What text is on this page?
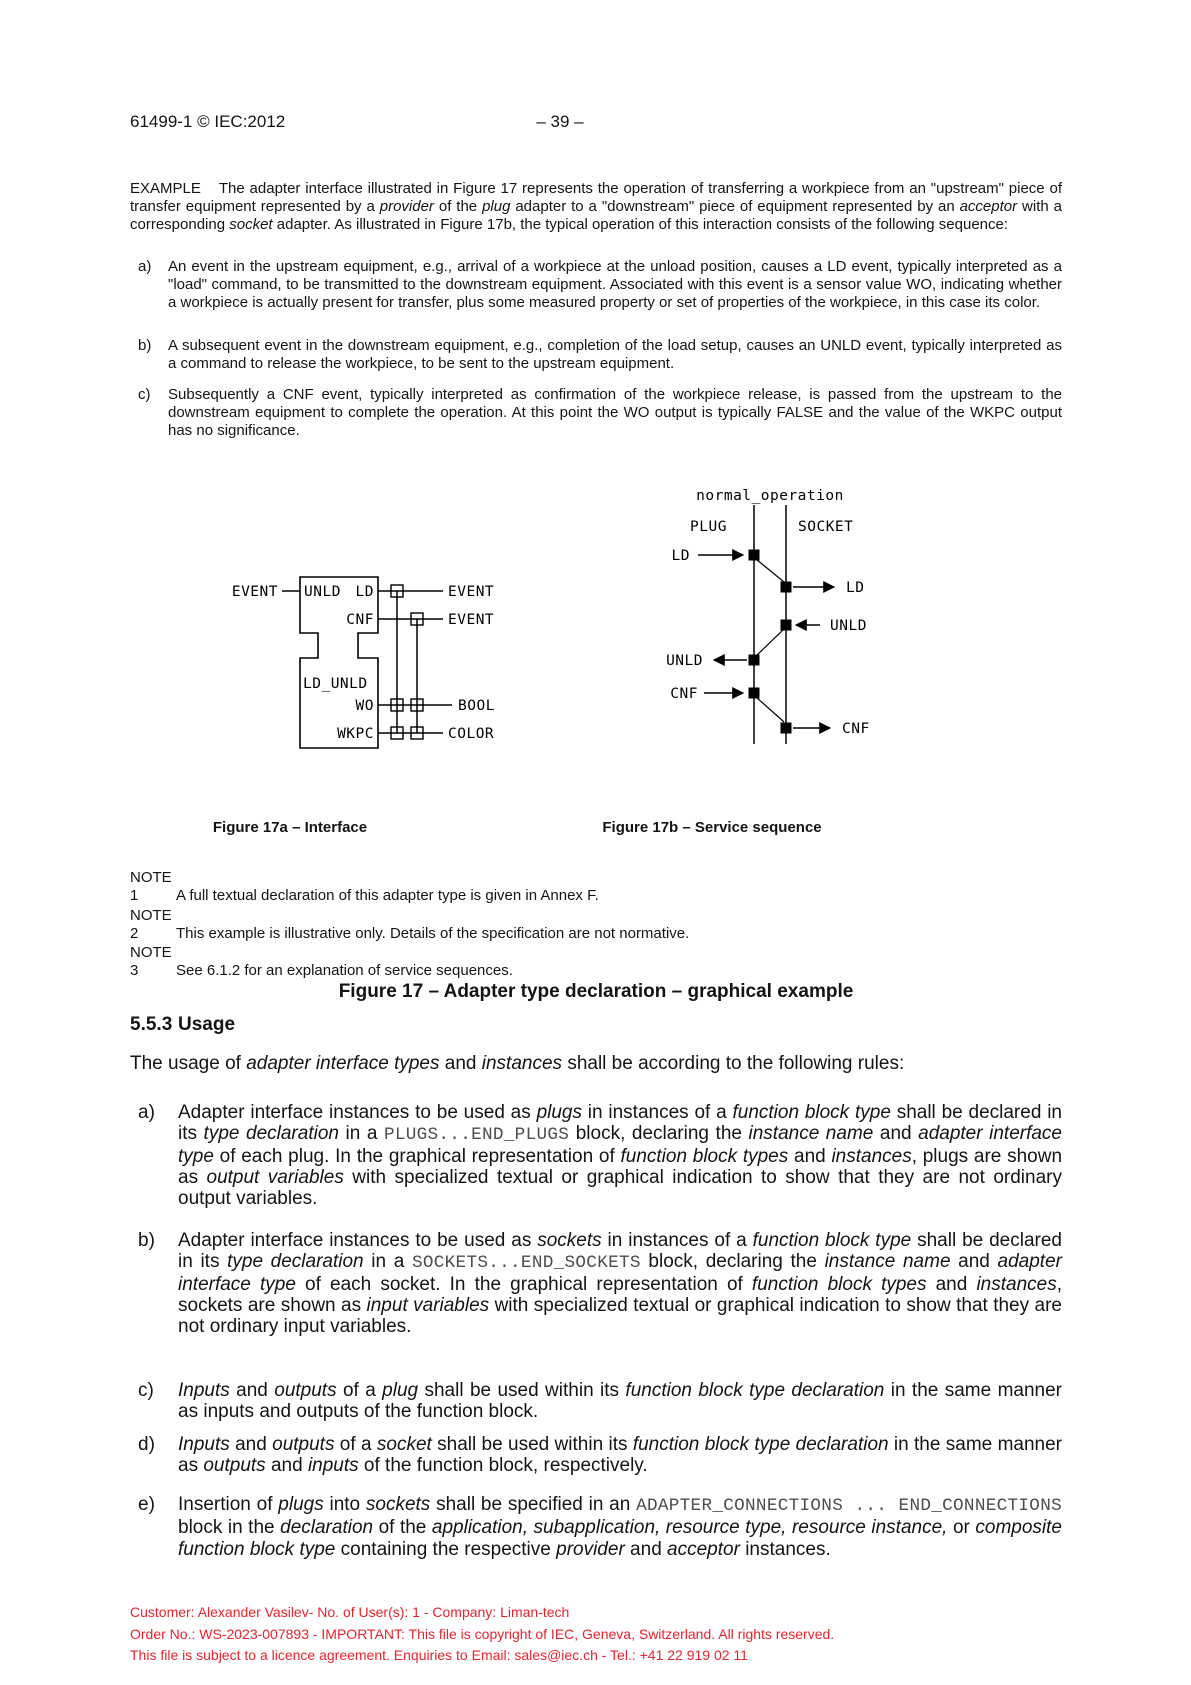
61499-1 © IEC:2012	– 39 –
EXAMPLE The adapter interface illustrated in Figure 17 represents the operation of transferring a workpiece from an "upstream" piece of transfer equipment represented by a provider of the plug adapter to a "downstream" piece of equipment represented by an acceptor with a corresponding socket adapter. As illustrated in Figure 17b, the typical operation of this interaction consists of the following sequence:
a) An event in the upstream equipment, e.g., arrival of a workpiece at the unload position, causes a LD event, typically interpreted as a "load" command, to be transmitted to the downstream equipment. Associated with this event is a sensor value WO, indicating whether a workpiece is actually present for transfer, plus some measured property or set of properties of the workpiece, in this case its color.
b) A subsequent event in the downstream equipment, e.g., completion of the load setup, causes an UNLD event, typically interpreted as a command to release the workpiece, to be sent to the upstream equipment.
c) Subsequently a CNF event, typically interpreted as confirmation of the workpiece release, is passed from the upstream to the downstream equipment to complete the operation. At this point the WO output is typically FALSE and the value of the WKPC output has no significance.
EVENT UNLD LD
CNF
LD_UNLD
WO
WKPC
EVENT
EVENT
BOOL
COLOR
normal_operation
PLUG	SOCKET
LD
LD
UNLD
UNLD
CNF
CNF
Figure 17a – Interface	Figure 17b – Service sequence
NOTE 1	A full textual declaration of this adapter type is given in Annex F.
NOTE 2	This example is illustrative only. Details of the specification are not normative.
NOTE 3	See 6.1.2 for an explanation of service sequences.
Figure 17 – Adapter type declaration – graphical example
5.5.3 Usage
The usage of adapter interface types and instances shall be according to the following rules:
a) Adapter interface instances to be used as plugs in instances of a function block type shall be declared in its type declaration in a PLUGS...END_PLUGS block, declaring the instance name and adapter interface type of each plug. In the graphical representation of function block types and instances, plugs are shown as output variables with specialized textual or graphical indication to show that they are not ordinary output variables.
b) Adapter interface instances to be used as sockets in instances of a function block type shall be declared in its type declaration in a SOCKETS...END_SOCKETS block, declaring the instance name and adapter interface type of each socket. In the graphical representation of function block types and instances, sockets are shown as input variables with specialized textual or graphical indication to show that they are not ordinary input variables.
c) Inputs and outputs of a plug shall be used within its function block type declaration in the same manner as inputs and outputs of the function block.
d) Inputs and outputs of a socket shall be used within its function block type declaration in the same manner as outputs and inputs of the function block, respectively.
e) Insertion of plugs into sockets shall be specified in an ADAPTER_CONNECTIONS ... END_CONNECTIONS block in the declaration of the application, subapplication, resource type, resource instance, or composite function block type containing the respective provider and acceptor instances.
Customer: Alexander Vasilev- No. of User(s): 1 - Company: Liman-tech
Order No.: WS-2023-007893 - IMPORTANT: This file is copyright of IEC, Geneva, Switzerland. All rights reserved.
This file is subject to a licence agreement. Enquiries to Email: sales@iec.ch - Tel.: +41 22 919 02 11
